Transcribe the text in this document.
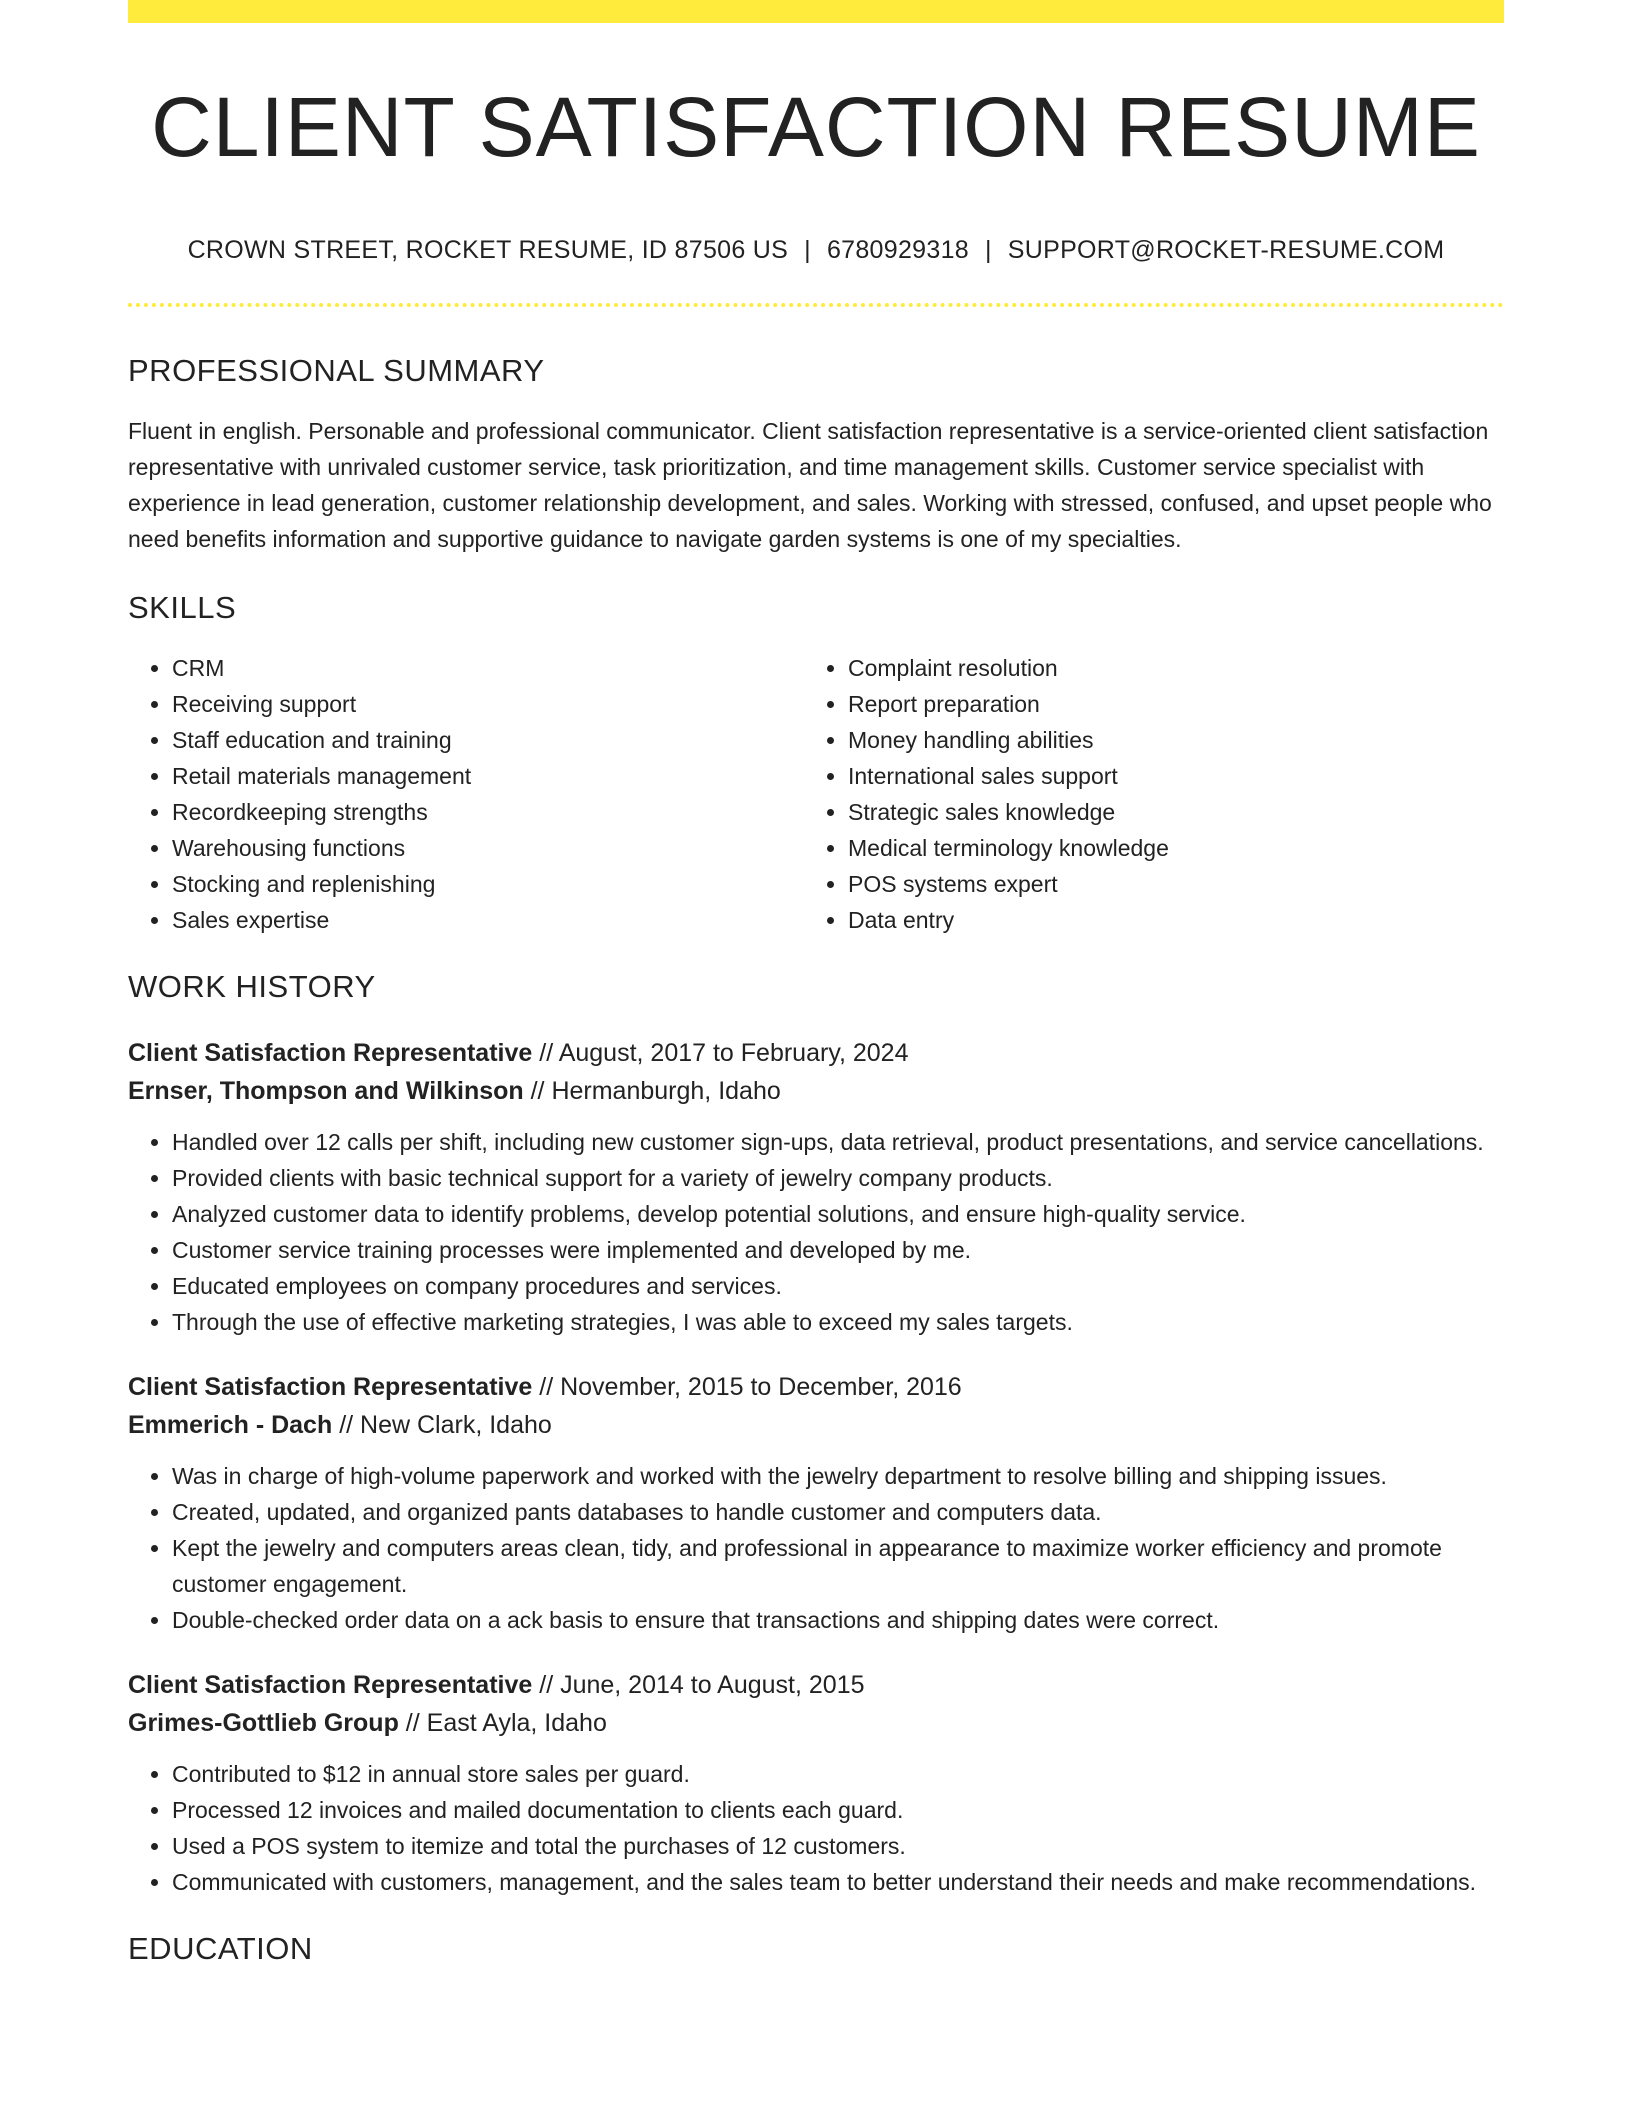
CLIENT SATISFACTION RESUME
CROWN STREET, ROCKET RESUME, ID 87506 US | 6780929318 | SUPPORT@ROCKET-RESUME.COM
PROFESSIONAL SUMMARY
Fluent in english. Personable and professional communicator. Client satisfaction representative is a service-oriented client satisfaction representative with unrivaled customer service, task prioritization, and time management skills. Customer service specialist with experience in lead generation, customer relationship development, and sales. Working with stressed, confused, and upset people who need benefits information and supportive guidance to navigate garden systems is one of my specialties.
SKILLS
• CRM
• Receiving support
• Staff education and training
• Retail materials management
• Recordkeeping strengths
• Warehousing functions
• Stocking and replenishing
• Sales expertise
• Complaint resolution
• Report preparation
• Money handling abilities
• International sales support
• Strategic sales knowledge
• Medical terminology knowledge
• POS systems expert
• Data entry
WORK HISTORY
Client Satisfaction Representative // August, 2017 to February, 2024
Ernser, Thompson and Wilkinson // Hermanburgh, Idaho
• Handled over 12 calls per shift, including new customer sign-ups, data retrieval, product presentations, and service cancellations.
• Provided clients with basic technical support for a variety of jewelry company products.
• Analyzed customer data to identify problems, develop potential solutions, and ensure high-quality service.
• Customer service training processes were implemented and developed by me.
• Educated employees on company procedures and services.
• Through the use of effective marketing strategies, I was able to exceed my sales targets.
Client Satisfaction Representative // November, 2015 to December, 2016
Emmerich - Dach // New Clark, Idaho
• Was in charge of high-volume paperwork and worked with the jewelry department to resolve billing and shipping issues.
• Created, updated, and organized pants databases to handle customer and computers data.
• Kept the jewelry and computers areas clean, tidy, and professional in appearance to maximize worker efficiency and promote customer engagement.
• Double-checked order data on a ack basis to ensure that transactions and shipping dates were correct.
Client Satisfaction Representative // June, 2014 to August, 2015
Grimes-Gottlieb Group // East Ayla, Idaho
• Contributed to $12 in annual store sales per guard.
• Processed 12 invoices and mailed documentation to clients each guard.
• Used a POS system to itemize and total the purchases of 12 customers.
• Communicated with customers, management, and the sales team to better understand their needs and make recommendations.
EDUCATION
